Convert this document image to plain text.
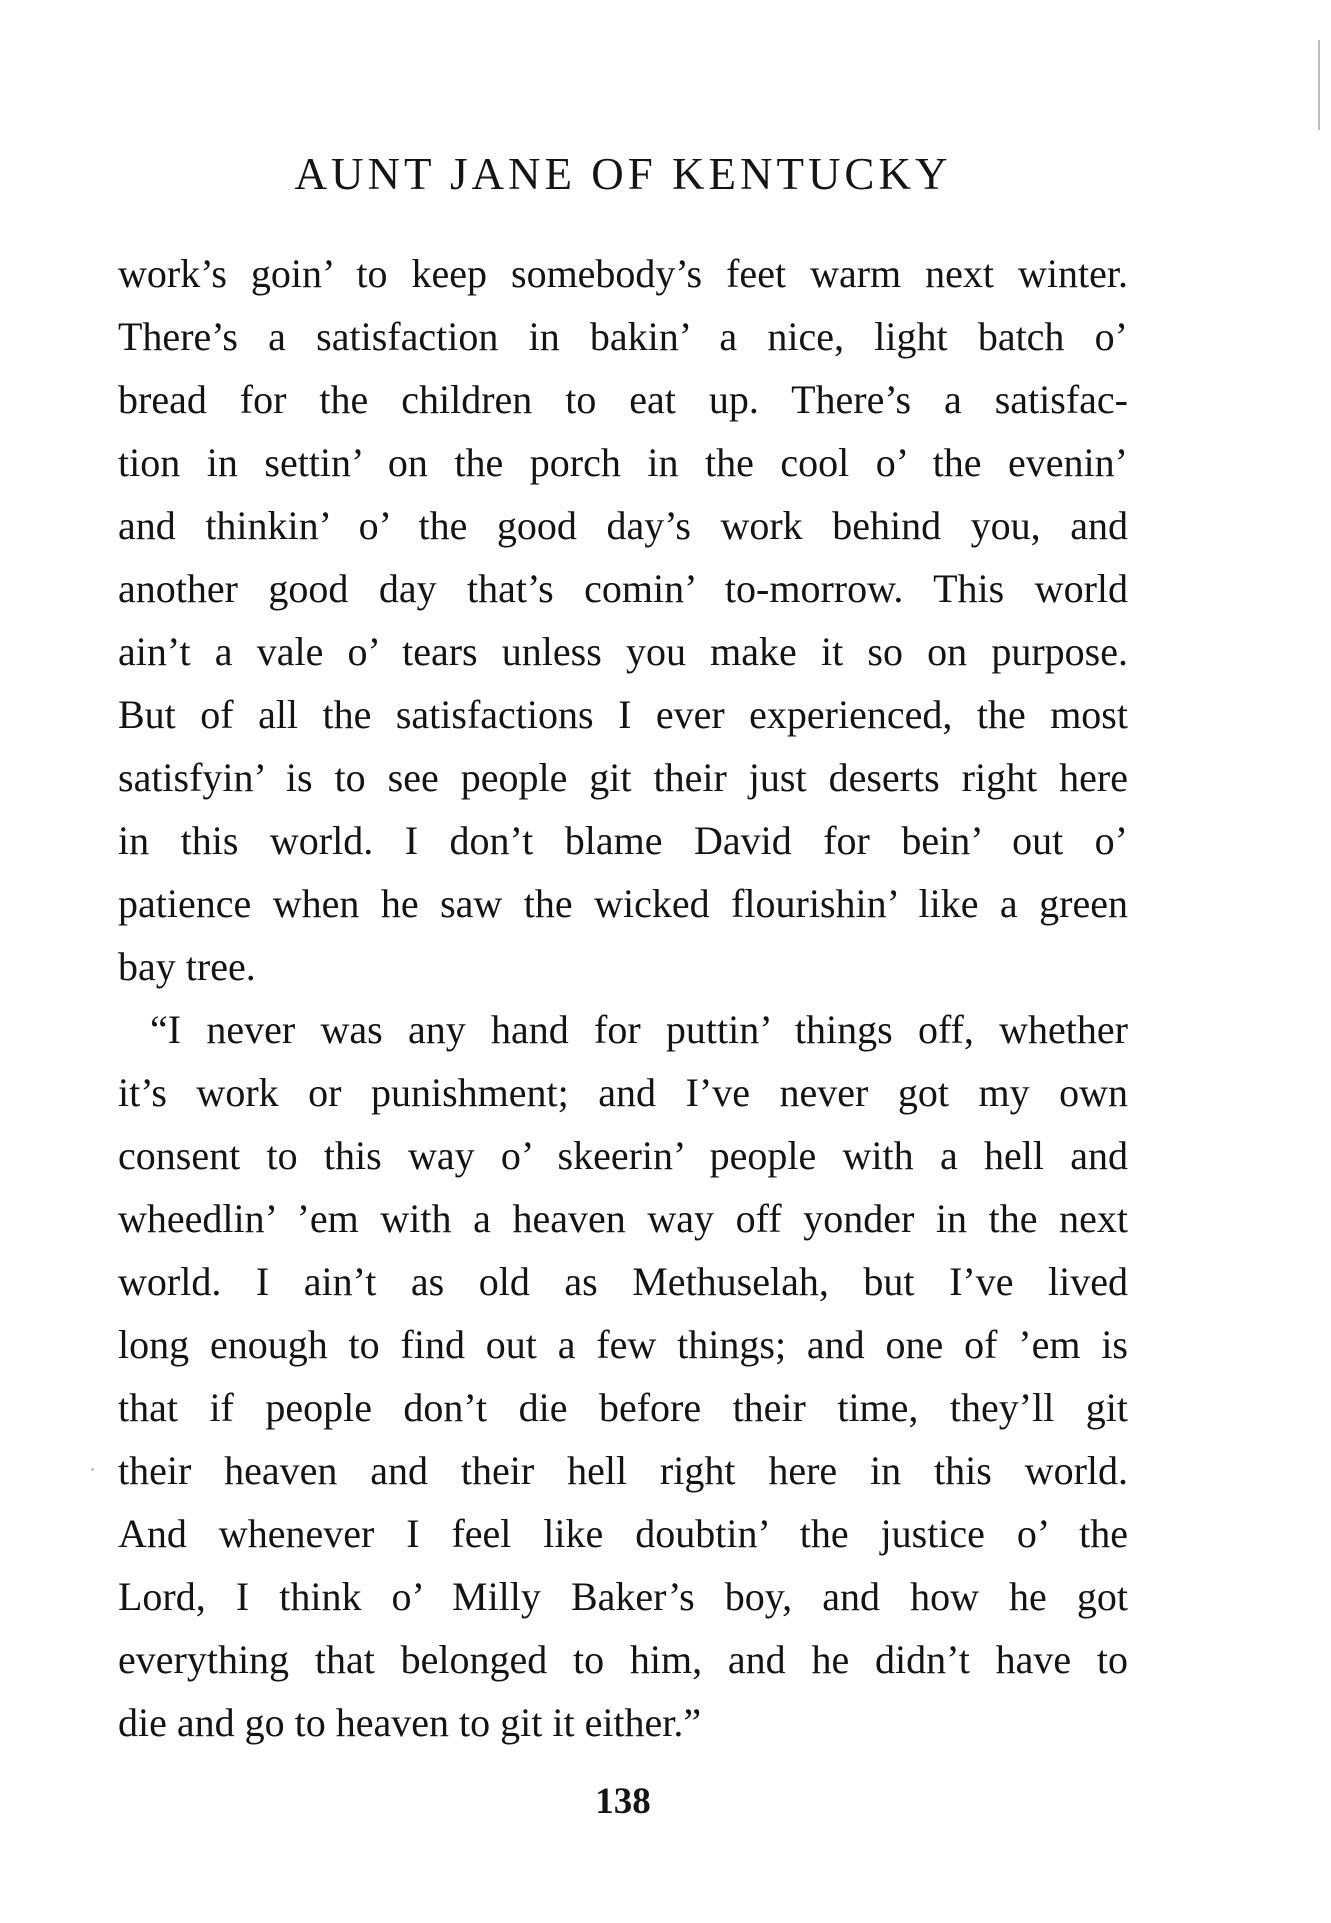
AUNT JANE OF KENTUCKY
work’s goin’ to keep somebody’s feet warm next winter.
There’s a satisfaction in bakin’ a nice, light batch o’
bread for the children to eat up. There’s a satisfac-
tion in settin’ on the porch in the cool o’ the evenin’
and thinkin’ o’ the good day’s work behind you, and
another good day that’s comin’ to-morrow. This world
ain’t a vale o’ tears unless you make it so on purpose.
But of all the satisfactions I ever experienced, the most
satisfyin’ is to see people git their just deserts right here
in this world. I don’t blame David for bein’ out o’
patience when he saw the wicked flourishin’ like a green
bay tree.
“I never was any hand for puttin’ things off, whether
it’s work or punishment; and I’ve never got my own
consent to this way o’ skeerin’ people with a hell and
wheedlin’ ’em with a heaven way off yonder in the next
world. I ain’t as old as Methuselah, but I’ve lived
long enough to find out a few things; and one of ’em is
that if people don’t die before their time, they’ll git
their heaven and their hell right here in this world.
And whenever I feel like doubtin’ the justice o’ the
Lord, I think o’ Milly Baker’s boy, and how he got
everything that belonged to him, and he didn’t have to
die and go to heaven to git it either.”
138
